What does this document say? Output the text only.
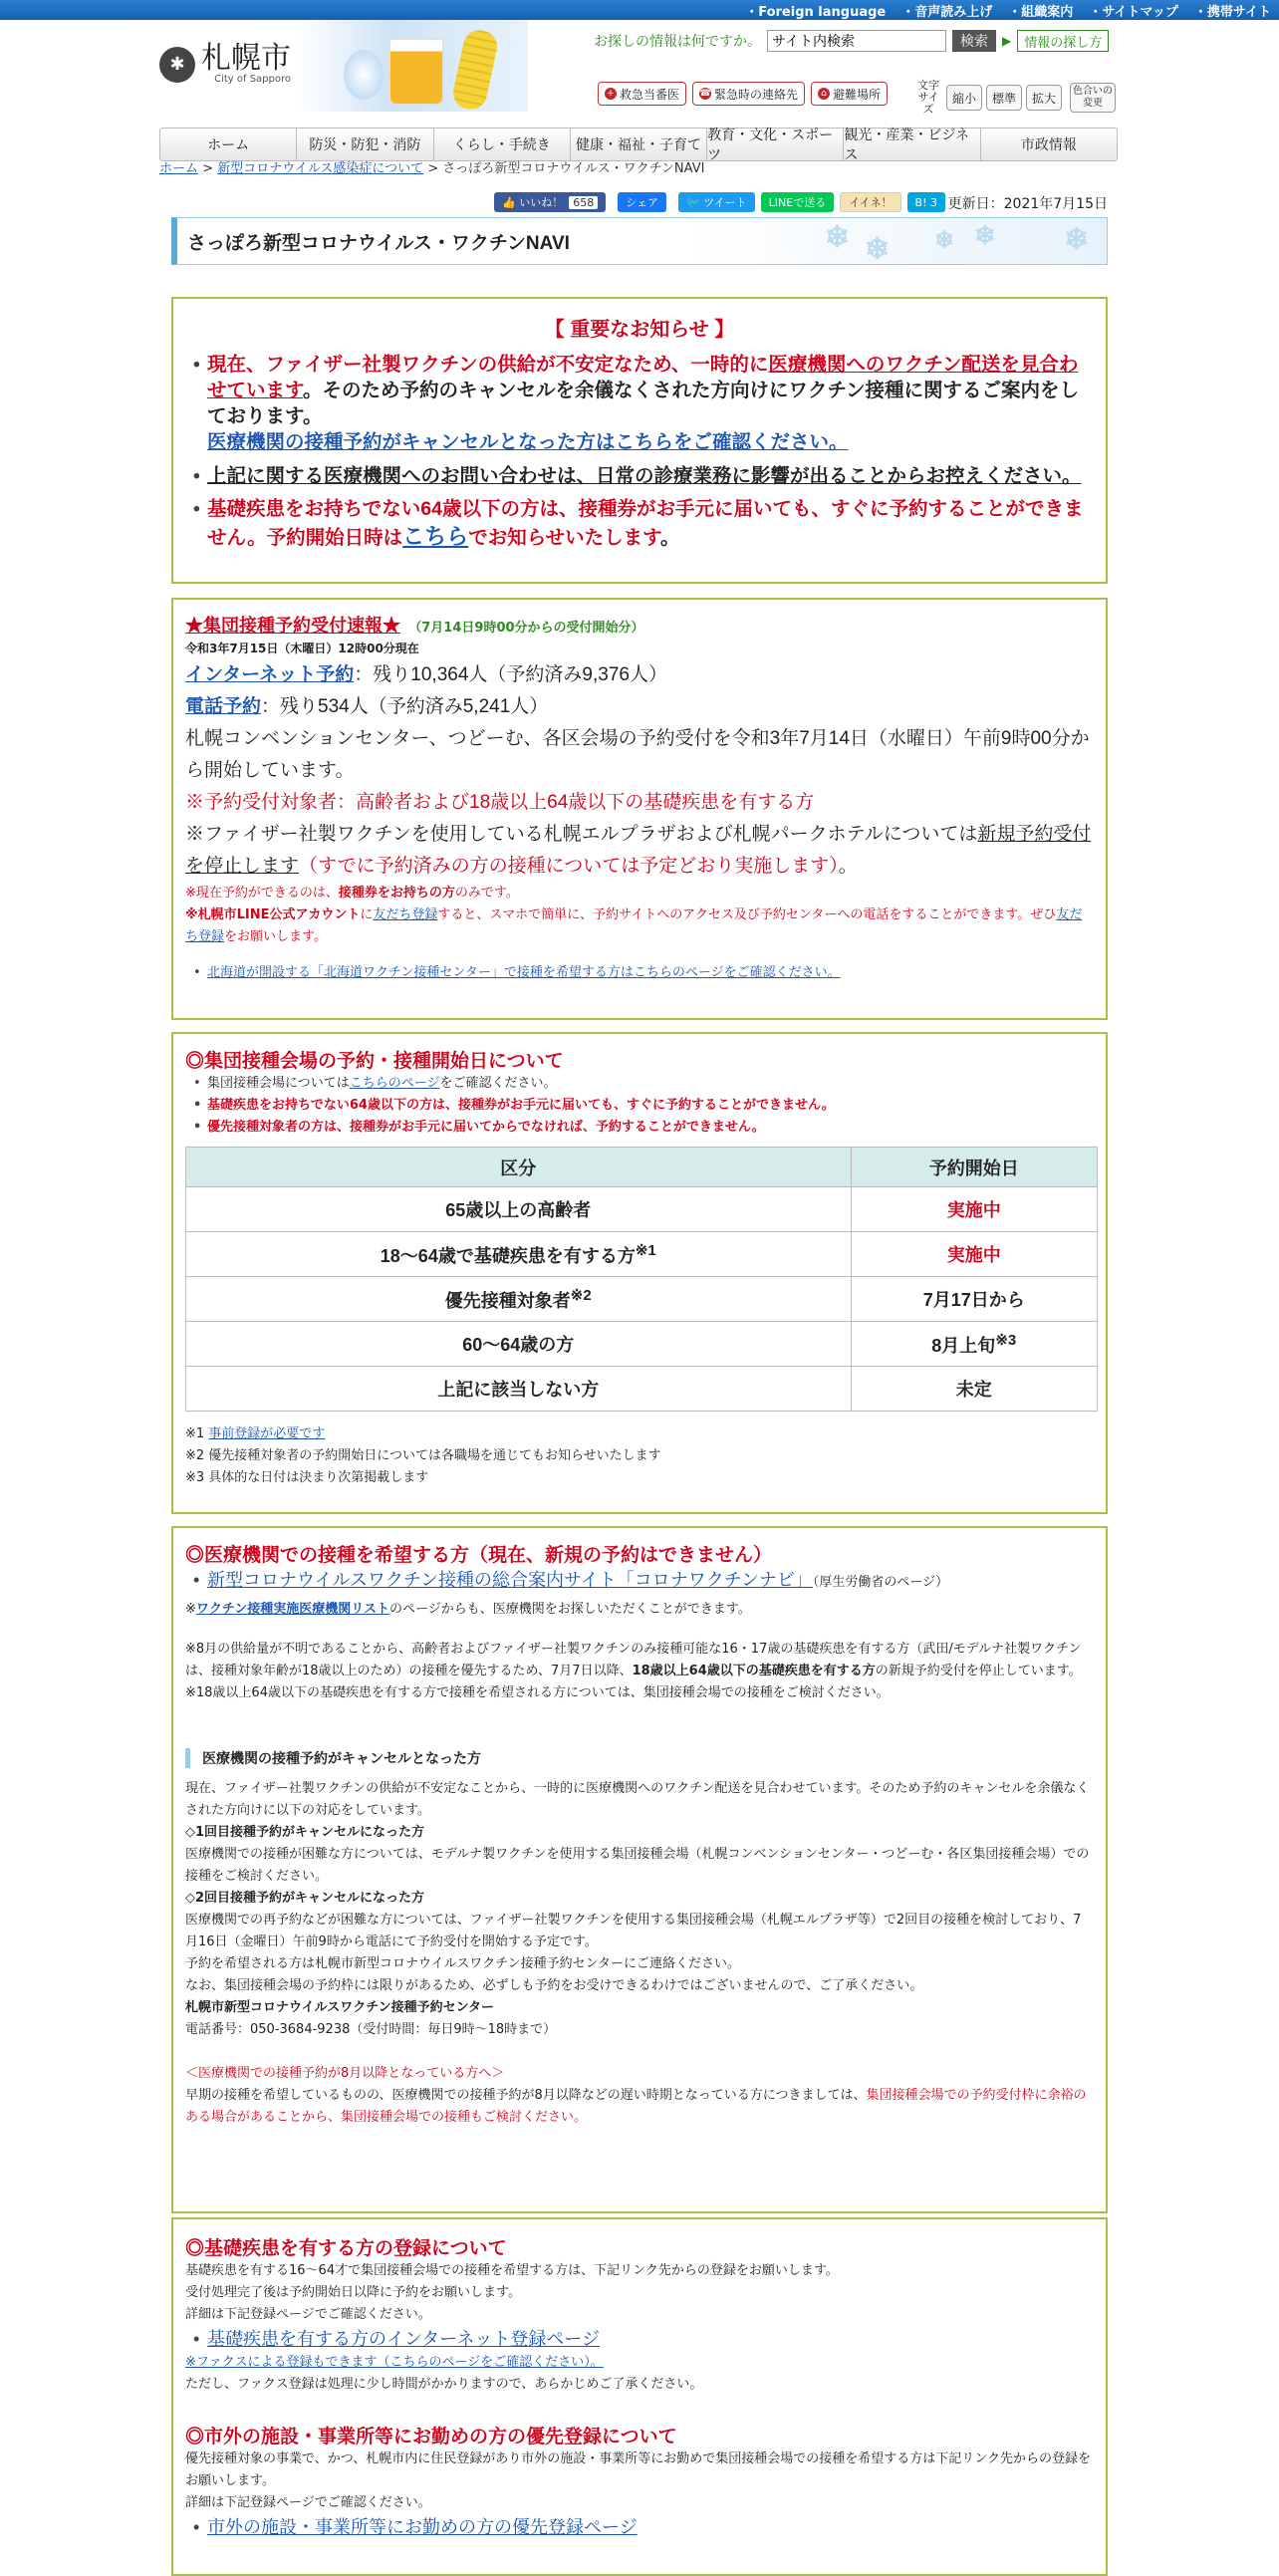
・ Foreign language	・ 音声読み上げ	・ 組織案内	・ サイトマップ	・ 携帯サイト
✱ 札幌市
City of Sapporo
お探しの情報は何ですか。
サイト内検索	検索	▶	情報の探し方
+ 救急当番医 ☎ 緊急時の連絡先	⌂ 避難場所
文字サイズ
縮小	標準	拡大	色合いの変更
ホーム	防災・防犯・消防	くらし・手続き	健康・福祉・子育て
教育・文化・スポーツ
観光・産業・ビジネス
市政情報
ホーム > 新型コロナウイルス感染症について > さっぽろ新型コロナウイルス・ワクチンNAVI
👍 いいね！ 658	シェア	🐦 ツイート	LINEで送る	イイネ！	B! 3 更新日：2021年7月15日
さっぽろ新型コロナウイルス・ワクチンNAVI	❄ ❄ ❄ ❄ ❄
【 重要なお知らせ 】
• 現在、ファイザー社製ワクチンの供給が不安定なため、一時的に医療機関へのワクチン配送を見合わせています。そのため予約のキャンセルを余儀なくされた方向けにワクチン接種に関するご案内をしております。
医療機関の接種予約がキャンセルとなった方はこちらをご確認ください。
• 上記に関する医療機関へのお問い合わせは、日常の診療業務に影響が出ることからお控えください。
• 基礎疾患をお持ちでない64歳以下の方は、接種券がお手元に届いても、すぐに予約することができません。予約開始日時はこちらでお知らせいたします。
★集団接種予約受付速報★ （7月14日9時00分からの受付開始分）
令和3年7月15日（木曜日）12時00分現在
インターネット予約：残り10,364人（予約済み9,376人）
電話予約：残り534人（予約済み5,241人）
札幌コンベンションセンター、つどーむ、各区会場の予約受付を令和3年7月14日（水曜日）午前9時00分から開始しています。
※予約受付対象者：高齢者および18歳以上64歳以下の基礎疾患を有する方
※ファイザー社製ワクチンを使用している札幌エルプラザおよび札幌パークホテルについては新規予約受付を停止します（すでに予約済みの方の接種については予定どおり実施します）。
※現在予約ができるのは、接種券をお持ちの方のみです。
※札幌市LINE公式アカウントに友だち登録すると、スマホで簡単に、予約サイトへのアクセス及び予約センターへの電話をすることができます。ぜひ友だち登録をお願いします。
• 北海道が開設する「北海道ワクチン接種センター」で接種を希望する方はこちらのページをご確認ください。
◎集団接種会場の予約・接種開始日について
• 集団接種会場についてはこちらのページをご確認ください。
• 基礎疾患をお持ちでない64歳以下の方は、接種券がお手元に届いても、すぐに予約することができません。
• 優先接種対象者の方は、接種券がお手元に届いてからでなければ、予約することができません。
区分	予約開始日
65歳以上の高齢者	実施中
18～64歳で基礎疾患を有する方$^{※1}$	実施中
優先接種対象者$^{※2}$	7月17日から
60～64歳の方	8月上旬$^{※3}$
上記に該当しない方	未定
※1 事前登録が必要です
※2 優先接種対象者の予約開始日については各職場を通じてもお知らせいたします
※3 具体的な日付は決まり次第掲載します
◎医療機関での接種を希望する方（現在、新規の予約はできません）
• 新型コロナウイルスワクチン接種の総合案内サイト「コロナワクチンナビ」（厚生労働省のページ）
※ワクチン接種実施医療機関リストのページからも、医療機関をお探しいただくことができます。
※8月の供給量が不明であることから、高齢者およびファイザー社製ワクチンのみ接種可能な16・17歳の基礎疾患を有する方（武田/モデルナ社製ワクチンは、接種対象年齢が18歳以上のため）の接種を優先するため、7月7日以降、18歳以上64歳以下の基礎疾患を有する方の新規予約受付を停止しています。
※18歳以上64歳以下の基礎疾患を有する方で接種を希望される方については、集団接種会場での接種をご検討ください。
医療機関の接種予約がキャンセルとなった方
現在、ファイザー社製ワクチンの供給が不安定なことから、一時的に医療機関へのワクチン配送を見合わせています。そのため予約のキャンセルを余儀なくされた方向けに以下の対応をしています。
◇1回目接種予約がキャンセルになった方
医療機関での接種が困難な方については、モデルナ製ワクチンを使用する集団接種会場（札幌コンベンションセンター・つどーむ・各区集団接種会場）での接種をご検討ください。
◇2回目接種予約がキャンセルになった方
医療機関での再予約などが困難な方については、ファイザー社製ワクチンを使用する集団接種会場（札幌エルプラザ等）で2回目の接種を検討しており、7月16日（金曜日）午前9時から電話にて予約受付を開始する予定です。
予約を希望される方は札幌市新型コロナウイルスワクチン接種予約センターにご連絡ください。
なお、集団接種会場の予約枠には限りがあるため、必ずしも予約をお受けできるわけではございませんので、ご了承ください。
札幌市新型コロナウイルスワクチン接種予約センター
電話番号：050-3684-9238（受付時間：毎日9時～18時まで）
＜医療機関での接種予約が8月以降となっている方へ＞
早期の接種を希望しているものの、医療機関での接種予約が8月以降などの遅い時期となっている方につきましては、集団接種会場での予約受付枠に余裕のある場合があることから、集団接種会場での接種もご検討ください。
◎基礎疾患を有する方の登録について
基礎疾患を有する16～64才で集団接種会場での接種を希望する方は、下記リンク先からの登録をお願いします。
受付処理完了後は予約開始日以降に予約をお願いします。
詳細は下記登録ページでご確認ください。
• 基礎疾患を有する方のインターネット登録ページ
※ファクスによる登録もできます（こちらのページをご確認ください）。
ただし、ファクス登録は処理に少し時間がかかりますので、あらかじめご了承ください。
◎市外の施設・事業所等にお勤めの方の優先登録について
優先接種対象の事業で、かつ、札幌市内に住民登録があり市外の施設・事業所等にお勤めで集団接種会場での接種を希望する方は下記リンク先からの登録をお願いします。
詳細は下記登録ページでご確認ください。
• 市外の施設・事業所等にお勤めの方の優先登録ページ
